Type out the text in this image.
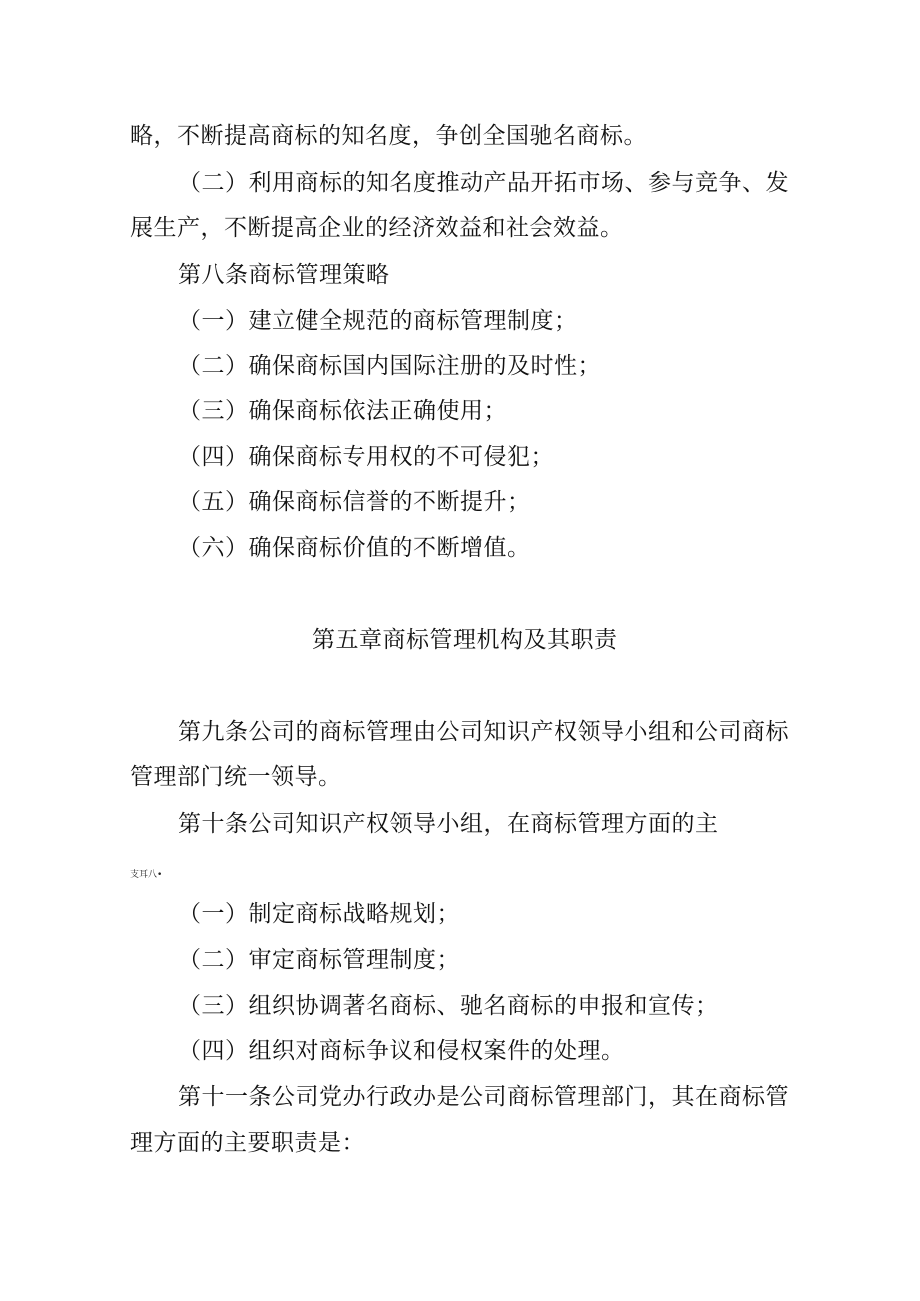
略，不断提高商标的知名度，争创全国驰名商标。
（二）利用商标的知名度推动产品开拓市场、参与竞争、发
展生产，不断提高企业的经济效益和社会效益。
第八条商标管理策略
（一）建立健全规范的商标管理制度；
（二）确保商标国内国际注册的及时性；
（三）确保商标依法正确使用；
（四）确保商标专用权的不可侵犯；
（五）确保商标信誉的不断提升；
（六）确保商标价值的不断增值。
第五章商标管理机构及其职责
第九条公司的商标管理由公司知识产权领导小组和公司商标
管理部门统一领导。
第十条公司知识产权领导小组，在商标管理方面的主
支耳八•
（一）制定商标战略规划；
（二）审定商标管理制度；
（三）组织协调著名商标、驰名商标的申报和宣传；
（四）组织对商标争议和侵权案件的处理。
第十一条公司党办行政办是公司商标管理部门，其在商标管
理方面的主要职责是：
